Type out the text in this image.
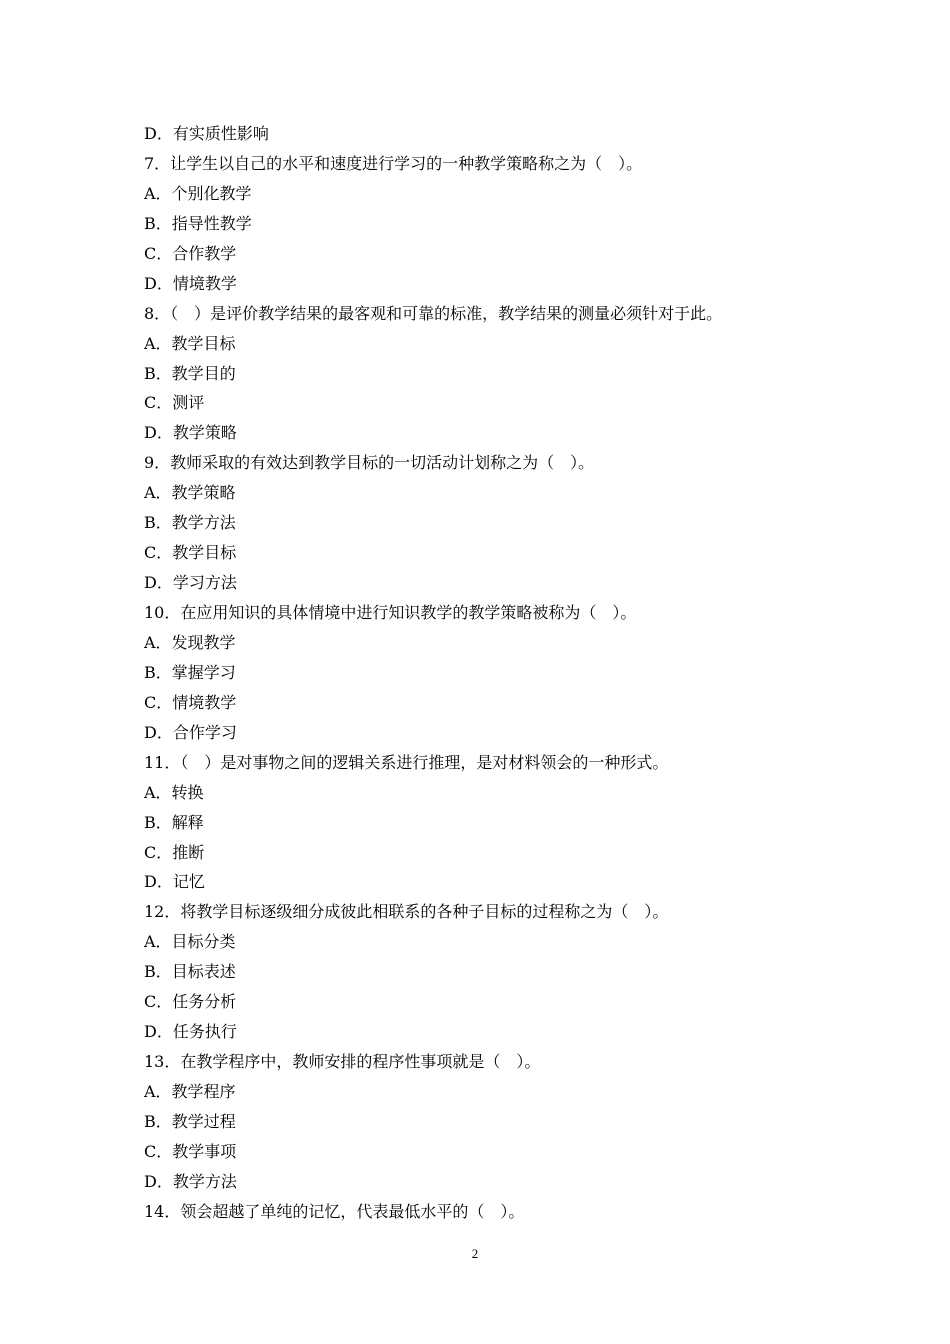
D．有实质性影响
7．让学生以自己的水平和速度进行学习的一种教学策略称之为（　）。
A．个别化教学
B．指导性教学
C．合作教学
D．情境教学
8．（　）是评价教学结果的最客观和可靠的标准，教学结果的测量必须针对于此。
A．教学目标
B．教学目的
C．测评
D．教学策略
9．教师采取的有效达到教学目标的一切活动计划称之为（　）。
A．教学策略
B．教学方法
C．教学目标
D．学习方法
10．在应用知识的具体情境中进行知识教学的教学策略被称为（　）。
A．发现教学
B．掌握学习
C．情境教学
D．合作学习
11．（　）是对事物之间的逻辑关系进行推理，是对材料领会的一种形式。
A．转换
B．解释
C．推断
D．记忆
12．将教学目标逐级细分成彼此相联系的各种子目标的过程称之为（　）。
A．目标分类
B．目标表述
C．任务分析
D．任务执行
13．在教学程序中，教师安排的程序性事项就是（　）。
A．教学程序
B．教学过程
C．教学事项
D．教学方法
14．领会超越了单纯的记忆，代表最低水平的（　）。
2
